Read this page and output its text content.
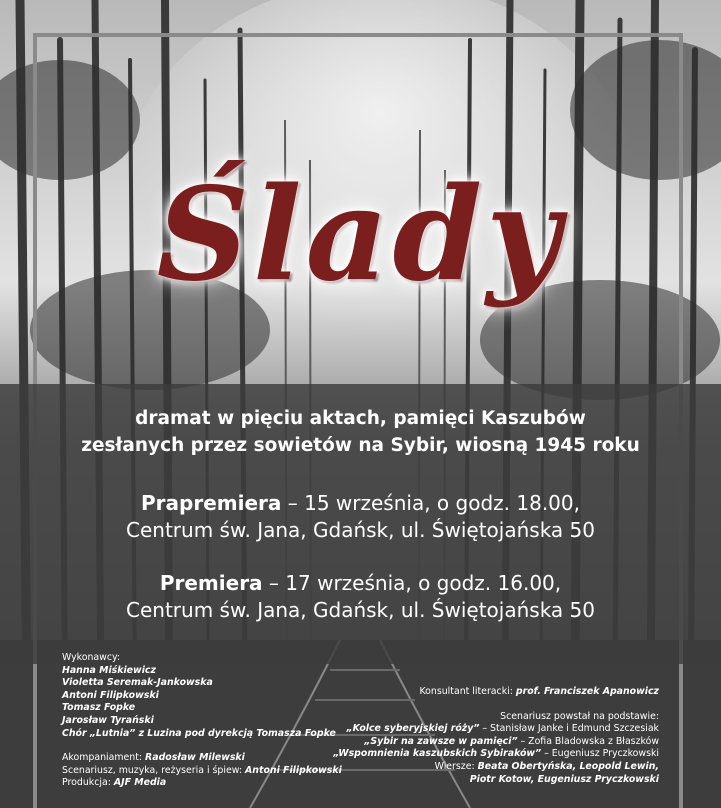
Ślady
dramat w pięciu aktach, pamięci Kaszubów
zesłanych przez sowietów na Sybir, wiosną 1945 roku
Prapremiera – 15 września, o godz. 18.00,
Centrum św. Jana, Gdańsk, ul. Świętojańska 50
Premiera – 17 września, o godz. 16.00,
Centrum św. Jana, Gdańsk, ul. Świętojańska 50
Wykonawcy:
Hanna Miśkiewicz
Violetta Seremak-Jankowska
Antoni Filipkowski
Tomasz Fopke
Jarosław Tyrański
Chór „Lutnia” z Luzina pod dyrekcją Tomasza Fopke
Akompaniament: Radosław Milewski
Scenariusz, muzyka, reżyseria i śpiew: Antoni Filipkowski
Produkcja: AJF Media
Konsultant literacki: prof. Franciszek Apanowicz
Scenariusz powstał na podstawie:
„Kolce syberyjskiej róży” – Stanisław Janke i Edmund Szczesiak
„Sybir na zawsze w pamięci” – Zofia Bladowska z Błaszków
„Wspomnienia kaszubskich Sybiraków” – Eugeniusz Pryczkowski
Wiersze: Beata Obertyńska, Leopold Lewin,
Piotr Kotow, Eugeniusz Pryczkowski
